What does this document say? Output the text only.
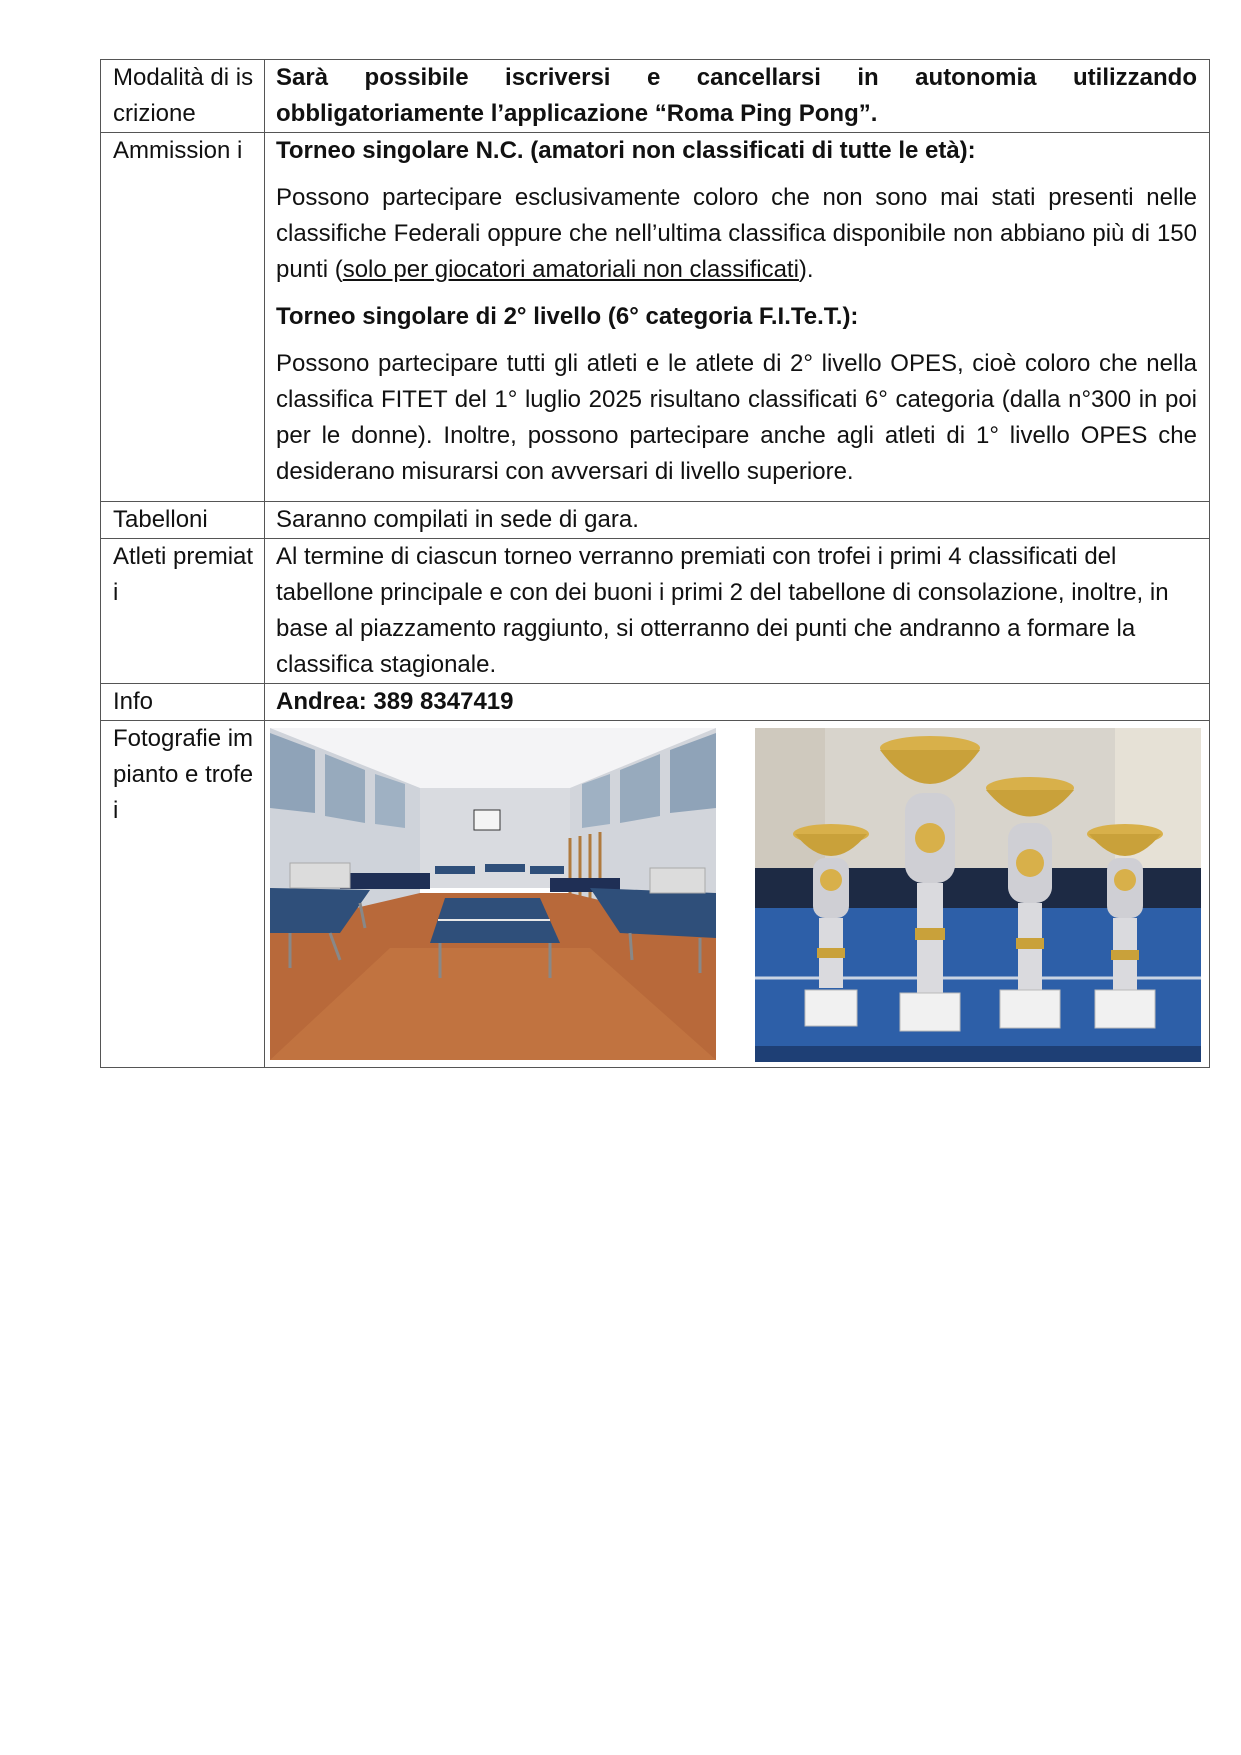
Modalità di iscrizione	Sarà possibile iscriversi e cancellarsi in autonomia utilizzando obbligatoriamente l’applicazione “Roma Ping Pong”.

Ammission i	Torneo singolare N.C. (amatori non classificati di tutte le età):

Possono partecipare esclusivamente coloro che non sono mai stati presenti nelle classifiche Federali oppure che nell’ultima classifica disponibile non abbiano più di 150 punti (solo per giocatori amatoriali non classificati).

Torneo singolare di 2° livello (6° categoria F.I.Te.T.):

Possono partecipare tutti gli atleti e le atlete di 2° livello OPES, cioè coloro che nella classifica FITET del 1° luglio 2025 risultano classificati 6° categoria (dalla n°300 in poi per le donne). Inoltre, possono partecipare anche agli atleti di 1° livello OPES che desiderano misurarsi con avversari di livello superiore.

Tabelloni	Saranno compilati in sede di gara.

Atleti premiati	Al termine di ciascun torneo verranno premiati con trofei i primi 4 classificati del tabellone principale e con dei buoni i primi 2 del tabellone di consolazione, inoltre, in base al piazzamento raggiunto, si otterranno dei punti che andranno a formare la classifica stagionale.

Info	Andrea: 389 8347419

Fotografie impianto e trofei	
